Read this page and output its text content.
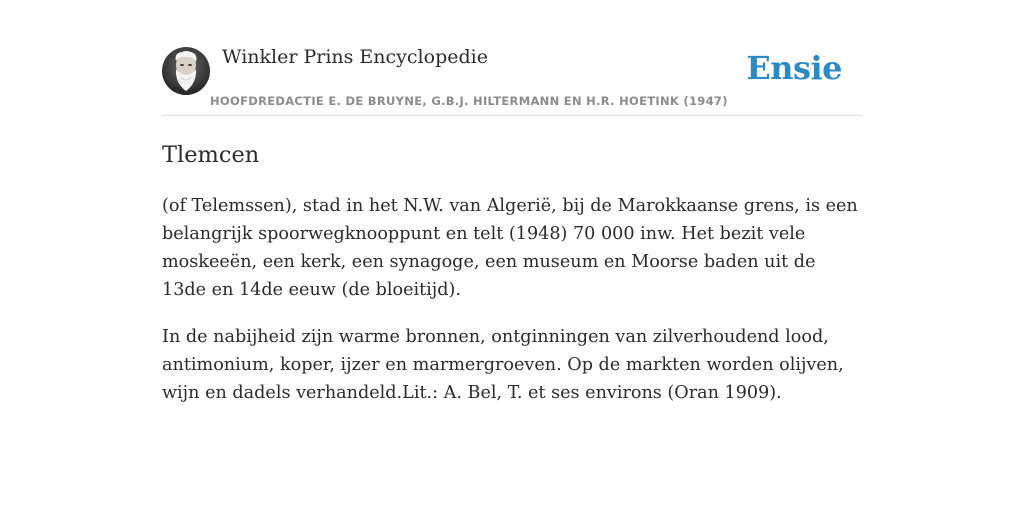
Winkler Prins Encyclopedie
HOOFDREDACTIE E. DE BRUYNE, G.B.J. HILTERMANN EN H.R. HOETINK (1947)
Ensie
Tlemcen

(of Telemssen), stad in het N.W. van Algerië, bij de Marokkaanse grens, is een belangrijk spoorwegknooppunt en telt (1948) 70 000 inw. Het bezit vele moskeeën, een kerk, een synagoge, een museum en Moorse baden uit de 13de en 14de eeuw (de bloeitijd).

In de nabijheid zijn warme bronnen, ontginningen van zilverhoudend lood, antimonium, koper, ijzer en marmergroeven. Op de markten worden olijven, wijn en dadels verhandeld.Lit.: A. Bel, T. et ses environs (Oran 1909).
